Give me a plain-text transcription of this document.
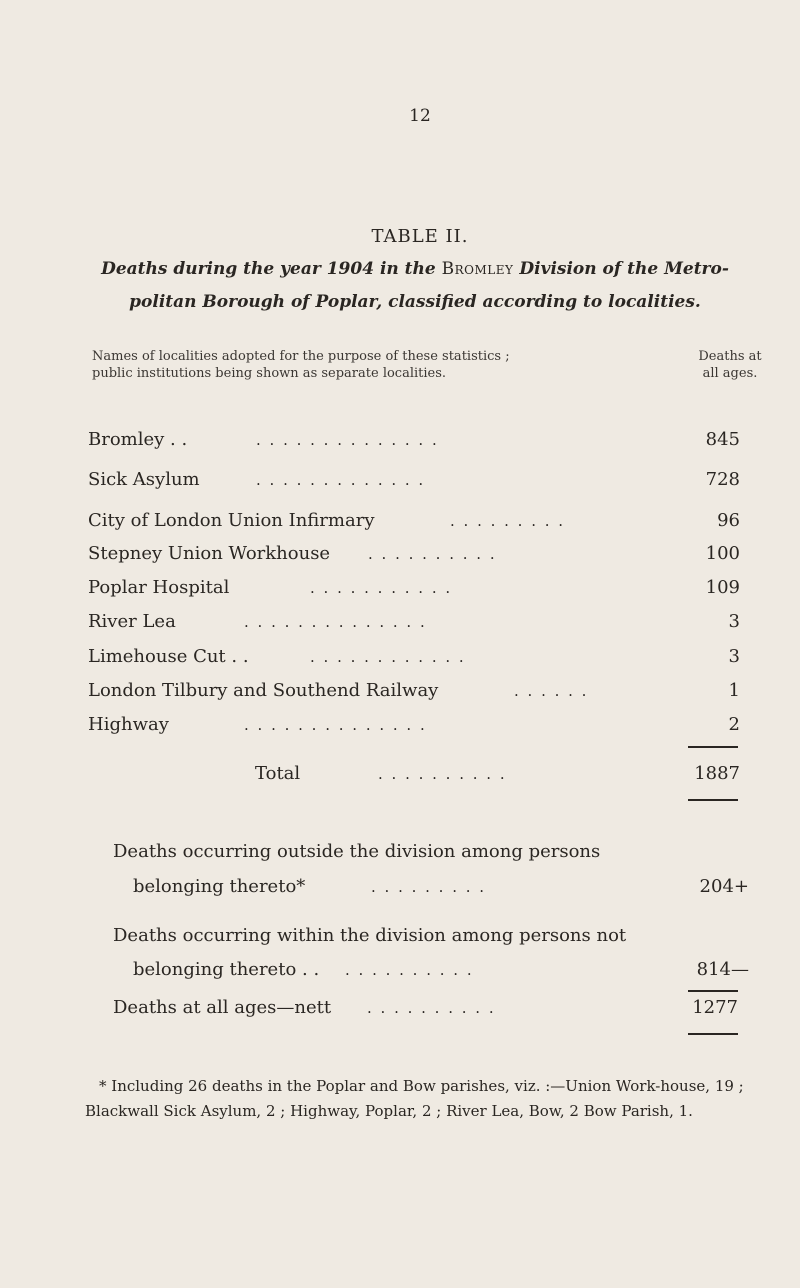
12
TABLE II.
Deaths during the year 1904 in the Bromley Division of the Metro-politan Borough of Poplar, classified according to localities.
Names of localities adopted for the purpose of these statistics ; public institutions being shown as separate localities.
Deaths at all ages.
Bromley . .	. . . . . . . . . . . . . .	845
Sick Asylum	. . . . . . . . . . . . .	728
City of London Union Infirmary	. . . . . . . . .	96
Stepney Union Workhouse	. . . . . . . . . .	100
Poplar Hospital	. . . . . . . . . . .	109
River Lea	. . . . . . . . . . . . . .	3
Limehouse Cut . .	. . . . . . . . . . . .	3
London Tilbury and Southend Railway	. . . . . .	1
Highway	. . . . . . . . . . . . . .	2
Total	. . . . . . . . . .	1887
Deaths occurring outside the division among persons
belonging thereto*	. . . . . . . . .	204+
Deaths occurring within the division among persons not
belonging thereto . . . . . . . . . . . .	814—
Deaths at all ages—nett . . . . . . . . . .	1277
* Including 26 deaths in the Poplar and Bow parishes, viz. :—Union Work-house, 19 ; Blackwall Sick Asylum, 2 ; Highway, Poplar, 2 ; River Lea, Bow, 2 Bow Parish, 1.
